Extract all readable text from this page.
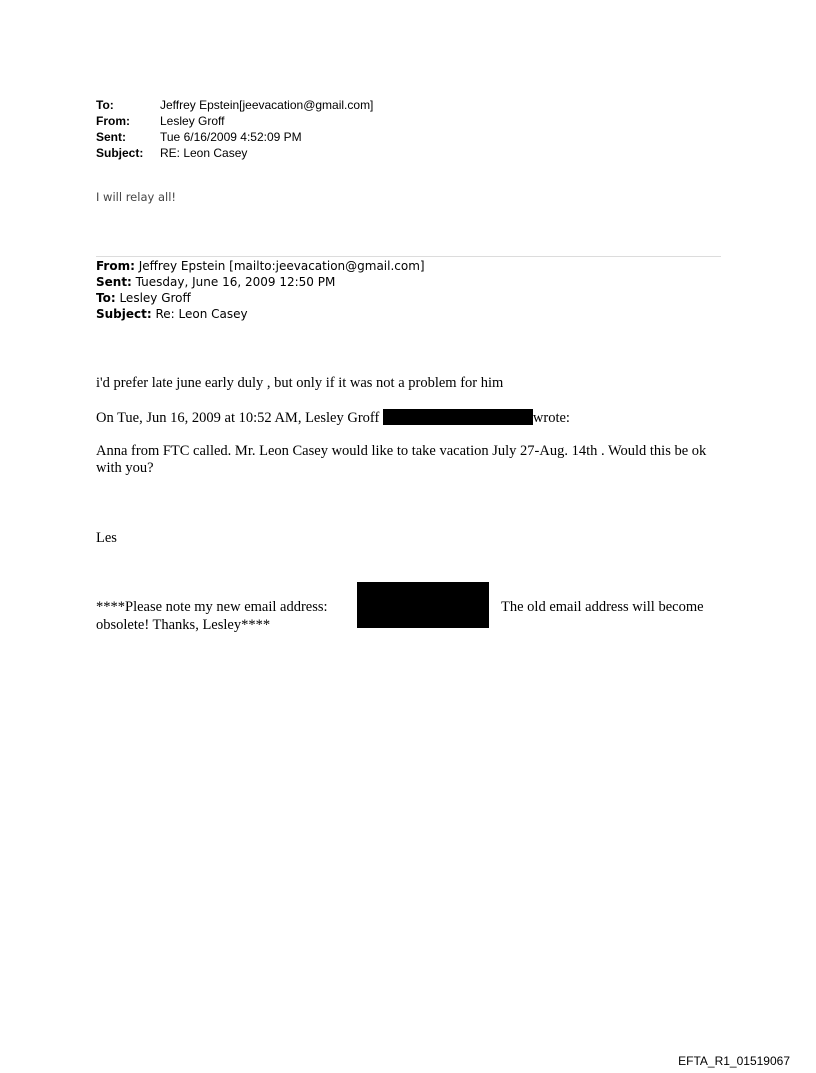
To:	Jeffrey Epstein[jeevacation@gmail.com]
From:	Lesley Groff
Sent:	Tue 6/16/2009 4:52:09 PM
Subject:	RE: Leon Casey
I will relay all!
From: Jeffrey Epstein [mailto:jeevacation@gmail.com]
Sent: Tuesday, June 16, 2009 12:50 PM
To: Lesley Groff
Subject: Re: Leon Casey
i'd prefer late june early duly , but only if it was not a problem for him
On Tue, Jun 16, 2009 at 10:52 AM, Lesley Groff	wrote:
Anna from FTC called. Mr. Leon Casey would like to take vacation July 27-Aug. 14th . Would this be ok with you?
Les
****Please note my new email address:	The old email address will become
obsolete! Thanks, Lesley****
EFTA_R1_01519067
